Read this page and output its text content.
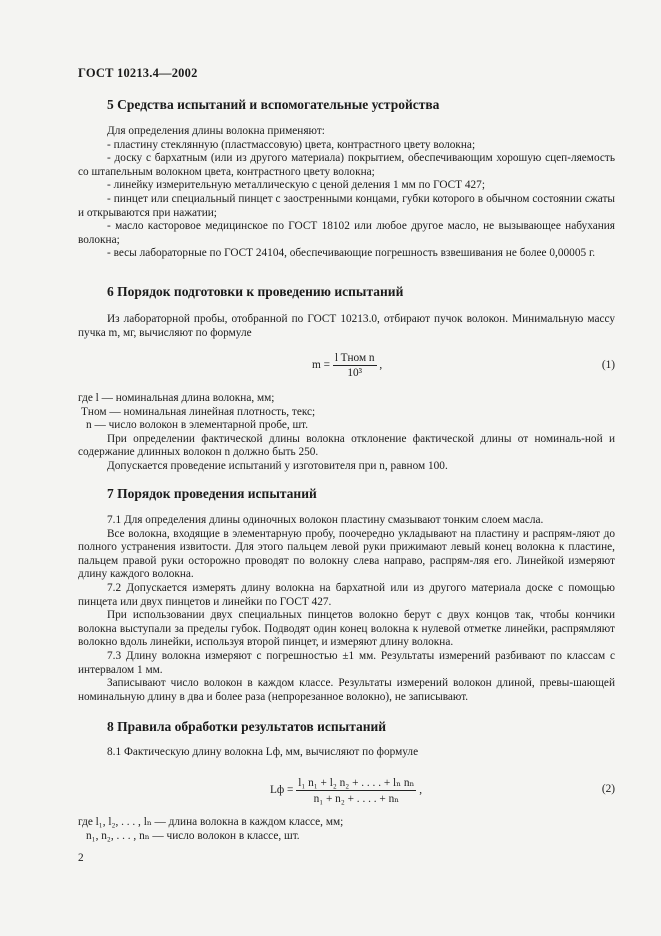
ГОСТ 10213.4—2002
5 Средства испытаний и вспомогательные устройства

Для определения длины волокна применяют:

- пластину стеклянную (пластмассовую) цвета, контрастного цвету волокна;

- доску с бархатным (или из другого материала) покрытием, обеспечивающим хорошую сцеп-ляемость со штапельным волокном цвета, контрастного цвету волокна;

- линейку измерительную металлическую с ценой деления 1 мм по ГОСТ 427;

- пинцет или специальный пинцет с заостренными концами, губки которого в обычном состоянии сжаты и открываются при нажатии;

- масло касторовое медицинское по ГОСТ 18102 или любое другое масло, не вызывающее набухания волокна;

- весы лабораторные по ГОСТ 24104, обеспечивающие погрешность взвешивания не более 0,00005 г.

6 Порядок подготовки к проведению испытаний

Из лабораторной пробы, отобранной по ГОСТ 10213.0, отбирают пучок волокон. Минимальную массу пучка m, мг, вычисляют по формуле

$m = \frac{\text{l Tном n}}{\text{10³}}$ ,	(1)
где l — номинальная длина волокна, мм;
Tном — номинальная линейная плотность, текс;
n — число волокон в элементарной пробе, шт.

При определении фактической длины волокна отклонение фактической длины от номиналь-ной и содержание длинных волокон n должно быть 250.

Допускается проведение испытаний у изготовителя при n, равном 100.

7 Порядок проведения испытаний

7.1 Для определения длины одиночных волокон пластину смазывают тонким слоем масла.

Все волокна, входящие в элементарную пробу, поочередно укладывают на пластину и распрям-ляют до полного устранения извитости. Для этого пальцем левой руки прижимают левый конец волокна к пластине, пальцем правой руки осторожно проводят по волокну слева направо, распрям-ляя его. Линейкой измеряют длину каждого волокна.

7.2 Допускается измерять длину волокна на бархатной или из другого материала доске с помощью пинцета или двух пинцетов и линейки по ГОСТ 427.

При использовании двух специальных пинцетов волокно берут с двух концов так, чтобы кончики волокна выступали за пределы губок. Подводят один конец волокна к нулевой отметке линейки, распрямляют волокно вдоль линейки, используя второй пинцет, и измеряют длину волокна.

7.3 Длину волокна измеряют с погрешностью ±1 мм. Результаты измерений разбивают по классам с интервалом 1 мм.

Записывают число волокон в каждом классе. Результаты измерений волокон длиной, превы-шающей номинальную длину в два и более раза (непрорезанное волокно), не записывают.

8 Правила обработки результатов испытаний

8.1 Фактическую длину волокна Lф, мм, вычисляют по формуле

Lф = $\frac{\text{l₁ n₁ + l₂ n₂ + . . . . + lₙ nₙ}}{\text{n₁ + n₂ + . . . . + nₙ}}$ ,	(2)
где l₁, l₂, . . . , lₙ — длина волокна в каждом классе, мм;
n₁, n₂, . . . , nₙ — число волокон в классе, шт.
2
